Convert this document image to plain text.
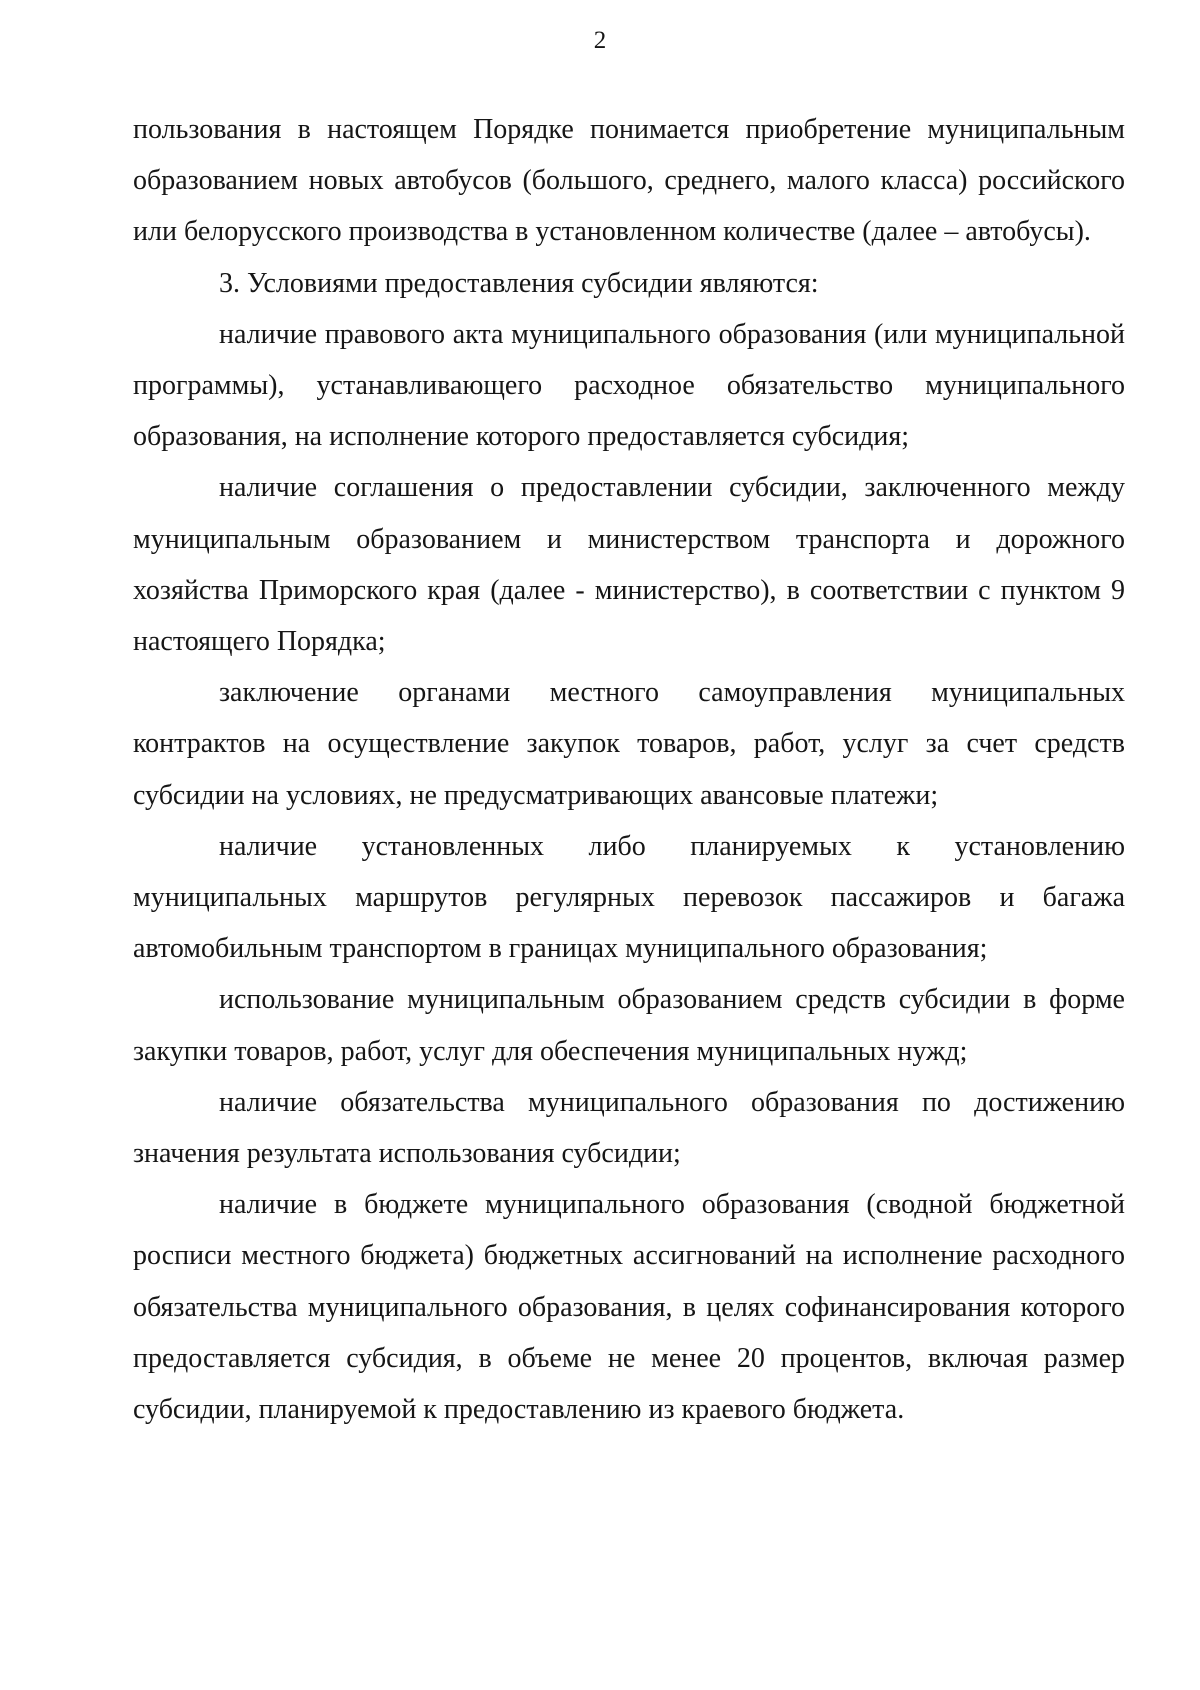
2

пользования в настоящем Порядке понимается приобретение муниципальным образованием новых автобусов (большого, среднего, малого класса) российского или белорусского производства в установленном количестве (далее – автобусы).

3. Условиями предоставления субсидии являются:

наличие правового акта муниципального образования (или муниципальной программы), устанавливающего расходное обязательство муниципального образования, на исполнение которого предоставляется субсидия;

наличие соглашения о предоставлении субсидии, заключенного между муниципальным образованием и министерством транспорта и дорожного хозяйства Приморского края (далее - министерство), в соответствии с пунктом 9 настоящего Порядка;

заключение органами местного самоуправления муниципальных контрактов на осуществление закупок товаров, работ, услуг за счет средств субсидии на условиях, не предусматривающих авансовые платежи;

наличие установленных либо планируемых к установлению муниципальных маршрутов регулярных перевозок пассажиров и багажа автомобильным транспортом в границах муниципального образования;

использование муниципальным образованием средств субсидии в форме закупки товаров, работ, услуг для обеспечения муниципальных нужд;

наличие обязательства муниципального образования по достижению значения результата использования субсидии;

наличие в бюджете муниципального образования (сводной бюджетной росписи местного бюджета) бюджетных ассигнований на исполнение расходного обязательства муниципального образования, в целях софинансирования которого предоставляется субсидия, в объеме не менее 20 процентов, включая размер субсидии, планируемой к предоставлению из краевого бюджета.
